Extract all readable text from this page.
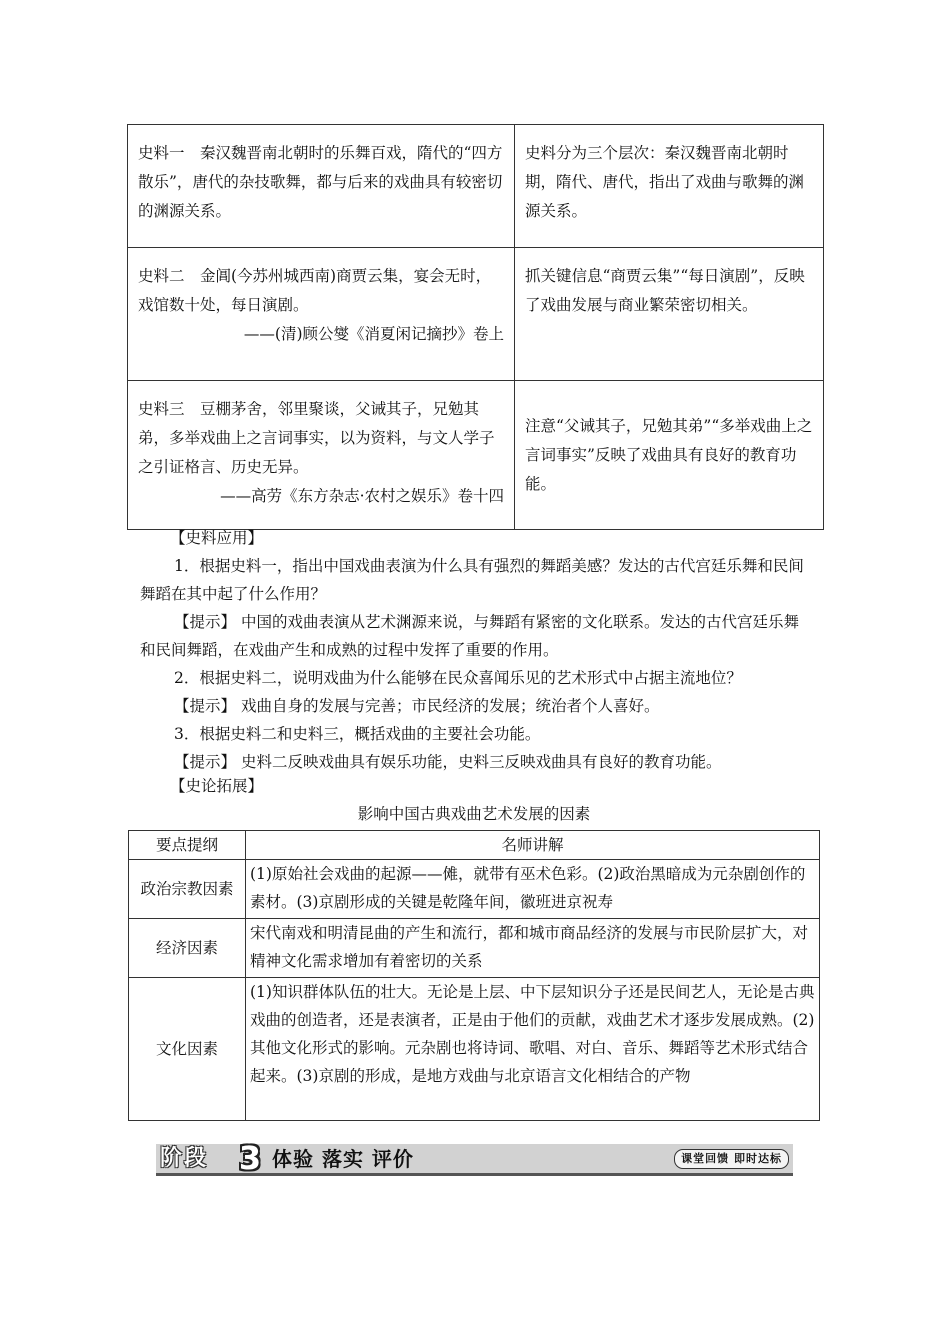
史料一　秦汉魏晋南北朝时的乐舞百戏，隋代的“四方散乐”，唐代的杂技歌舞，都与后来的戏曲具有较密切的渊源关系。	史料分为三个层次：秦汉魏晋南北朝时期，隋代、唐代，指出了戏曲与歌舞的渊源关系。
史料二　金阊(今苏州城西南)商贾云集，宴会无时，戏馆数十处，每日演剧。
——(清)顾公燮《消夏闲记摘抄》卷上	抓关键信息“商贾云集”“每日演剧”，反映了戏曲发展与商业繁荣密切相关。
史料三　豆棚茅舍，邻里聚谈，父诫其子，兄勉其弟，多举戏曲上之言词事实，以为资料，与文人学子之引证格言、历史无异。
——高劳《东方杂志·农村之娱乐》卷十四	注意“父诫其子，兄勉其弟”“多举戏曲上之言词事实”反映了戏曲具有良好的教育功能。
【史料应用】

1．根据史料一，指出中国戏曲表演为什么具有强烈的舞蹈美感？发达的古代宫廷乐舞和民间舞蹈在其中起了什么作用？

【提示】 中国的戏曲表演从艺术渊源来说，与舞蹈有紧密的文化联系。发达的古代宫廷乐舞和民间舞蹈，在戏曲产生和成熟的过程中发挥了重要的作用。

2．根据史料二，说明戏曲为什么能够在民众喜闻乐见的艺术形式中占据主流地位？

【提示】 戏曲自身的发展与完善；市民经济的发展；统治者个人喜好。

3．根据史料二和史料三，概括戏曲的主要社会功能。

【提示】 史料二反映戏曲具有娱乐功能，史料三反映戏曲具有良好的教育功能。

【史论拓展】
影响中国古典戏曲艺术发展的因素
要点提纲	名师讲解
政治宗教因素	(1)原始社会戏曲的起源——傩，就带有巫术色彩。(2)政治黑暗成为元杂剧创作的素材。(3)京剧形成的关键是乾隆年间，徽班进京祝寿
经济因素	宋代南戏和明清昆曲的产生和流行，都和城市商品经济的发展与市民阶层扩大，对精神文化需求增加有着密切的关系
文化因素	(1)知识群体队伍的壮大。无论是上层、中下层知识分子还是民间艺人，无论是古典戏曲的创造者，还是表演者，正是由于他们的贡献，戏曲艺术才逐步发展成熟。(2)其他文化形式的影响。元杂剧也将诗词、歌唱、对白、音乐、舞蹈等艺术形式结合起来。(3)京剧的形成，是地方戏曲与北京语言文化相结合的产物
阶段 3 体验 落实 评价	课堂回馈 即时达标
